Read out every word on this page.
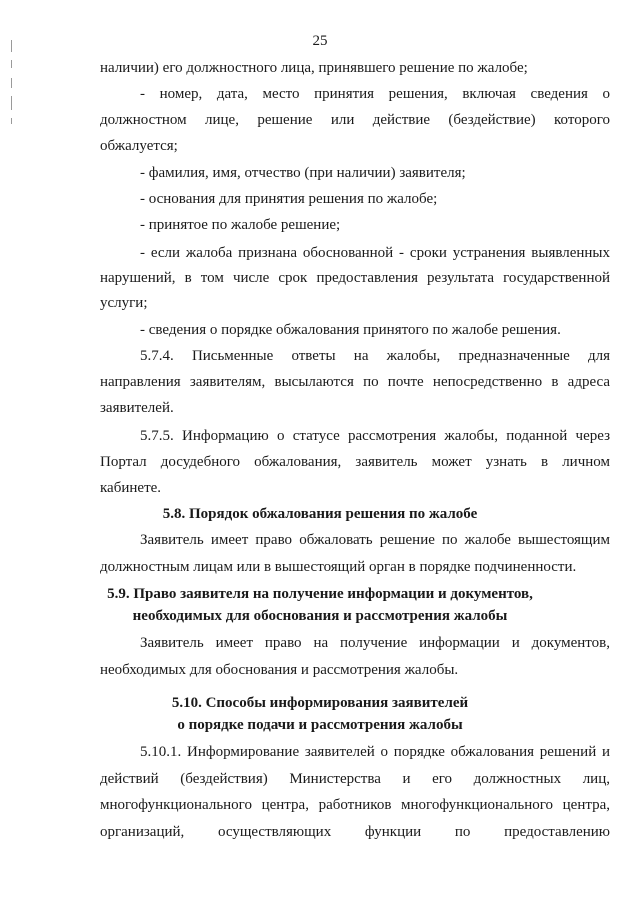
25

наличии) его должностного лица, принявшего решение по жалобе;

- номер, дата, место принятия решения, включая сведения о

должностном лице, решение или действие (бездействие) которого

обжалуется;

- фамилия, имя, отчество (при наличии) заявителя;

- основания для принятия решения по жалобе;

- принятое по жалобе решение;

- если жалоба признана обоснованной - сроки устранения выявленных

нарушений, в том числе срок предоставления результата государственной

услуги;

- сведения о порядке обжалования принятого по жалобе решения.

5.7.4. Письменные ответы на жалобы, предназначенные для

направления заявителям, высылаются по почте непосредственно в адреса

заявителей.

5.7.5. Информацию о статусе рассмотрения жалобы, поданной через

Портал досудебного обжалования, заявитель может узнать в личном

кабинете.

5.8. Порядок обжалования решения по жалобе

Заявитель имеет право обжаловать решение по жалобе вышестоящим

должностным лицам или в вышестоящий орган в порядке подчиненности.

5.9. Право заявителя на получение информации и документов,

необходимых для обоснования и рассмотрения жалобы

Заявитель имеет право на получение информации и документов,

необходимых для обоснования и рассмотрения жалобы.

5.10. Способы информирования заявителей

о порядке подачи и рассмотрения жалобы

5.10.1. Информирование заявителей о порядке обжалования решений и

действий (бездействия) Министерства и его должностных лиц,

многофункционального центра, работников многофункционального центра,

организаций, осуществляющих функции по предоставлению
